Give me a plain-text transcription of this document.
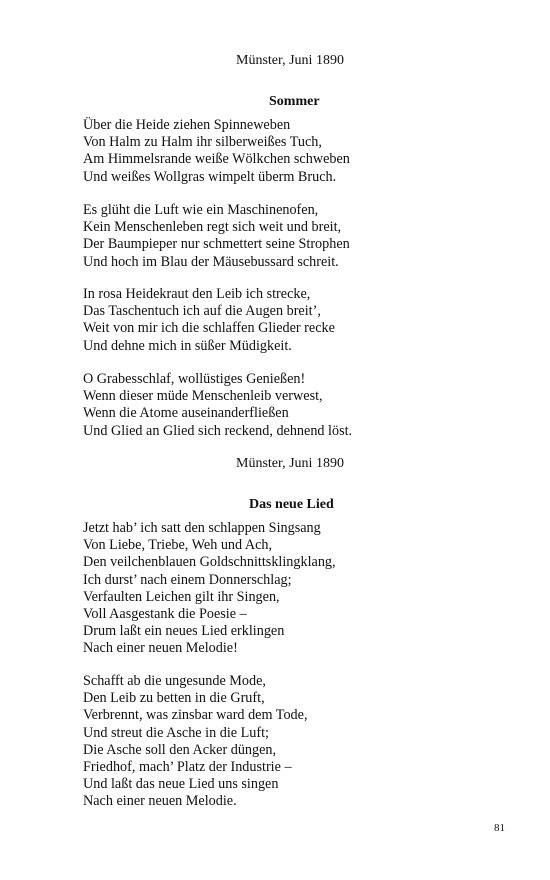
Münster, Juni 1890
Sommer
Über die Heide ziehen Spinneweben
Von Halm zu Halm ihr silberweißes Tuch,
Am Himmelsrande weiße Wölkchen schweben
Und weißes Wollgras wimpelt überm Bruch.
Es glüht die Luft wie ein Maschinenofen,
Kein Menschenleben regt sich weit und breit,
Der Baumpieper nur schmettert seine Strophen
Und hoch im Blau der Mäusebussard schreit.
In rosa Heidekraut den Leib ich strecke,
Das Taschentuch ich auf die Augen breit’,
Weit von mir ich die schlaffen Glieder recke
Und dehne mich in süßer Müdigkeit.
O Grabesschlaf, wollüstiges Genießen!
Wenn dieser müde Menschenleib verwest,
Wenn die Atome auseinanderfließen
Und Glied an Glied sich reckend, dehnend löst.
Münster, Juni 1890
Das neue Lied
Jetzt hab’ ich satt den schlappen Singsang
Von Liebe, Triebe, Weh und Ach,
Den veilchenblauen Goldschnittsklingklang,
Ich durst’ nach einem Donnerschlag;
Verfaulten Leichen gilt ihr Singen,
Voll Aasgestank die Poesie –
Drum laßt ein neues Lied erklingen
Nach einer neuen Melodie!
Schafft ab die ungesunde Mode,
Den Leib zu betten in die Gruft,
Verbrennt, was zinsbar ward dem Tode,
Und streut die Asche in die Luft;
Die Asche soll den Acker düngen,
Friedhof, mach’ Platz der Industrie –
Und laßt das neue Lied uns singen
Nach einer neuen Melodie.
81
